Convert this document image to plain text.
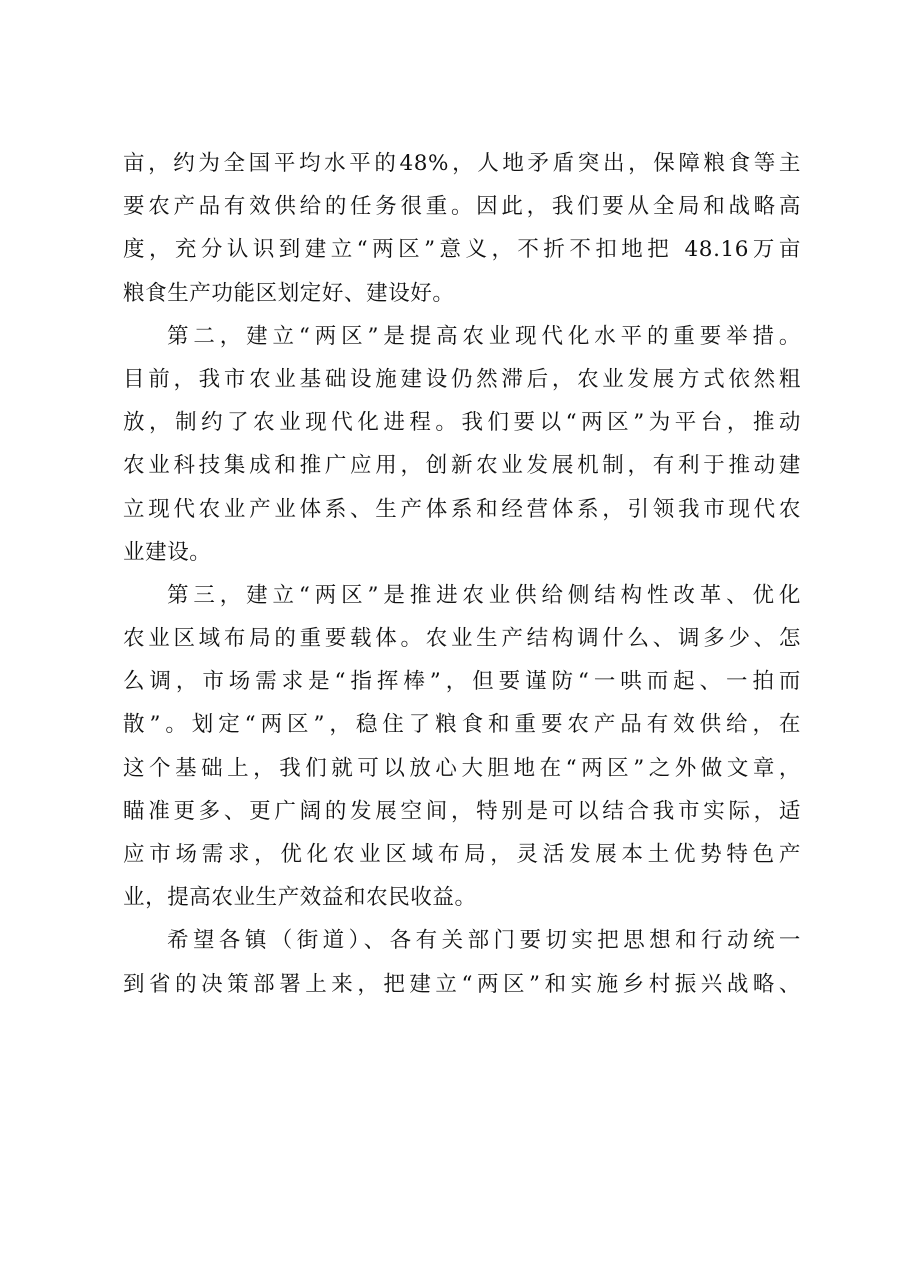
亩，约为全国平均水平的48%，人地矛盾突出，保障粮食等主
要农产品有效供给的任务很重。因此，我们要从全局和战略高
度，充分认识到建立“两区”意义，不折不扣地把 48.16万亩
粮食生产功能区划定好、建设好。
第二，建立“两区”是提高农业现代化水平的重要举措。
目前，我市农业基础设施建设仍然滞后，农业发展方式依然粗
放，制约了农业现代化进程。我们要以“两区”为平台，推动
农业科技集成和推广应用，创新农业发展机制，有利于推动建
立现代农业产业体系、生产体系和经营体系，引领我市现代农
业建设。
第三，建立“两区”是推进农业供给侧结构性改革、优化
农业区域布局的重要载体。农业生产结构调什么、调多少、怎
么调，市场需求是“指挥棒”，但要谨防“一哄而起、一拍而
散”。划定“两区”，稳住了粮食和重要农产品有效供给，在
这个基础上，我们就可以放心大胆地在“两区”之外做文章，
瞄准更多、更广阔的发展空间，特别是可以结合我市实际，适
应市场需求，优化农业区域布局，灵活发展本土优势特色产
业，提高农业生产效益和农民收益。
希望各镇（街道）、各有关部门要切实把思想和行动统一
到省的决策部署上来，把建立“两区”和实施乡村振兴战略、
